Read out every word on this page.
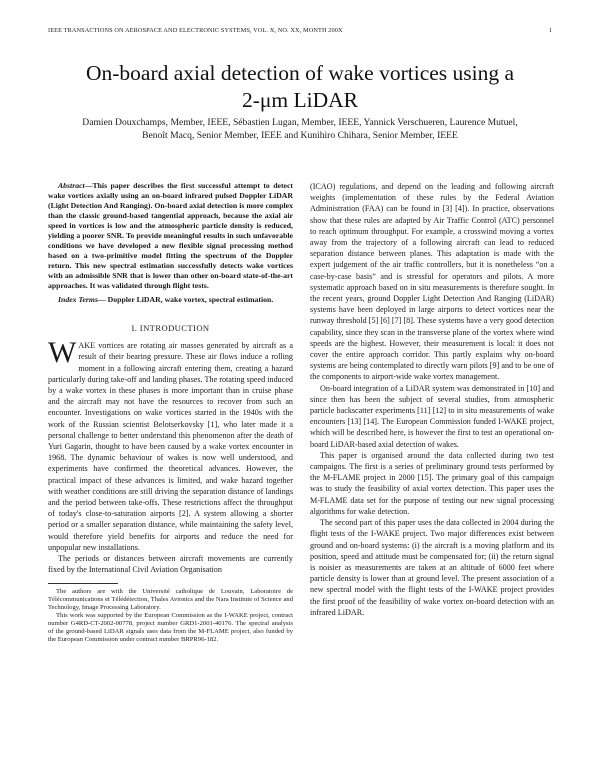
IEEE TRANSACTIONS ON AEROSPACE AND ELECTRONIC SYSTEMS, VOL. X, NO. XX, MONTH 200X	1
On-board axial detection of wake vortices using a
2-μm LiDAR
Damien Douxchamps, Member, IEEE, Sébastien Lugan, Member, IEEE, Yannick Verschueren, Laurence Mutuel,
Benoît Macq, Senior Member, IEEE and Kunihiro Chihara, Senior Member, IEEE

Abstract—This paper describes the first successful attempt to detect wake vortices axially using an on-board infrared pulsed Doppler LiDAR (Light Detection And Ranging). On-board axial detection is more complex than the classic ground-based tangential approach, because the axial air speed in vortices is low and the atmospheric particle density is reduced, yielding a poorer SNR. To provide meaningful results in such unfavorable conditions we have developed a new flexible signal processing method based on a two-primitive model fitting the spectrum of the Doppler return. This new spectral estimation successfully detects wake vortices with an admissible SNR that is lower than other on-board state-of-the-art approaches. It was validated through flight tests.

Index Terms— Doppler LiDAR, wake vortex, spectral estimation.

I. INTRODUCTION

WAKE vortices are rotating air masses generated by aircraft as a result of their bearing pressure. These air flows induce a rolling moment in a following aircraft entering them, creating a hazard particularly during take-off and landing phases. The rotating speed induced by a wake vortex in these phases is more important than in cruise phase and the aircraft may not have the resources to recover from such an encounter. Investigations on wake vortices started in the 1940s with the work of the Russian scientist Belotserkovsky [1], who later made it a personal challenge to better understand this phenomenon after the death of Yuri Gagarin, thought to have been caused by a wake vortex encounter in 1968. The dynamic behaviour of wakes is now well understood, and experiments have confirmed the theoretical advances. However, the practical impact of these advances is limited, and wake hazard together with weather conditions are still driving the separation distance of landings and the period between take-offs. These restrictions affect the throughput of today's close-to-saturation airports [2]. A system allowing a shorter period or a smaller separation distance, while maintaining the safety level, would therefore yield benefits for airports and reduce the need for unpopular new installations.

The periods or distances between aircraft movements are currently fixed by the International Civil Aviation Organisation

The authors are with the Université catholique de Louvain, Laboratoire de Télécommunications et Télédétection, Thales Avionics and the Nara Institute of Science and Technology, Image Processing Laboratory.

This work was supported by the European Commission as the I-WAKE project, contract number G4RD-CT-2002-00778, project number GRD1-2001-40176. The spectral analysis of the ground-based LiDAR signals uses data from the M-FLAME project, also funded by the European Commission under contract number BRPR96-182.

(ICAO) regulations, and depend on the leading and following aircraft weights (implementation of these rules by the Federal Aviation Administration (FAA) can be found in [3] [4]). In practice, observations show that these rules are adapted by Air Traffic Control (ATC) personnel to reach optimum throughput. For example, a crosswind moving a vortex away from the trajectory of a following aircraft can lead to reduced separation distance between planes. This adaptation is made with the expert judgement of the air traffic controllers, but it is nonetheless “on a case-by-case basis” and is stressful for operators and pilots. A more systematic approach based on in situ measurements is therefore sought. In the recent years, ground Doppler Light Detection And Ranging (LiDAR) systems have been deployed in large airports to detect vortices near the runway threshold [5] [6] [7] [8]. These systems have a very good detection capability, since they scan in the transverse plane of the vortex where wind speeds are the highest. However, their measurement is local: it does not cover the entire approach corridor. This partly explains why on-board systems are being contemplated to directly warn pilots [9] and to be one of the components to airport-wide wake vortex management.

On-board integration of a LiDAR system was demonstrated in [10] and since then has been the subject of several studies, from atmospheric particle backscatter experiments [11] [12] to in situ measurements of wake encounters [13] [14]. The European Commission funded I-WAKE project, which will be described here, is however the first to test an operational on-board LiDAR-based axial detection of wakes.

This paper is organised around the data collected during two test campaigns. The first is a series of preliminary ground tests performed by the M-FLAME project in 2000 [15]. The primary goal of this campaign was to study the feasibility of axial vortex detection. This paper uses the M-FLAME data set for the purpose of testing our new signal processing algorithms for wake detection.

The second part of this paper uses the data collected in 2004 during the flight tests of the I-WAKE project. Two major differences exist between ground and on-board systems: (i) the aircraft is a moving platform and its position, speed and attitude must be compensated for; (ii) the return signal is noisier as measurements are taken at an altitude of 6000 feet where particle density is lower than at ground level. The present association of a new spectral model with the flight tests of the I-WAKE project provides the first proof of the feasibility of wake vortex on-board detection with an infrared LiDAR.
